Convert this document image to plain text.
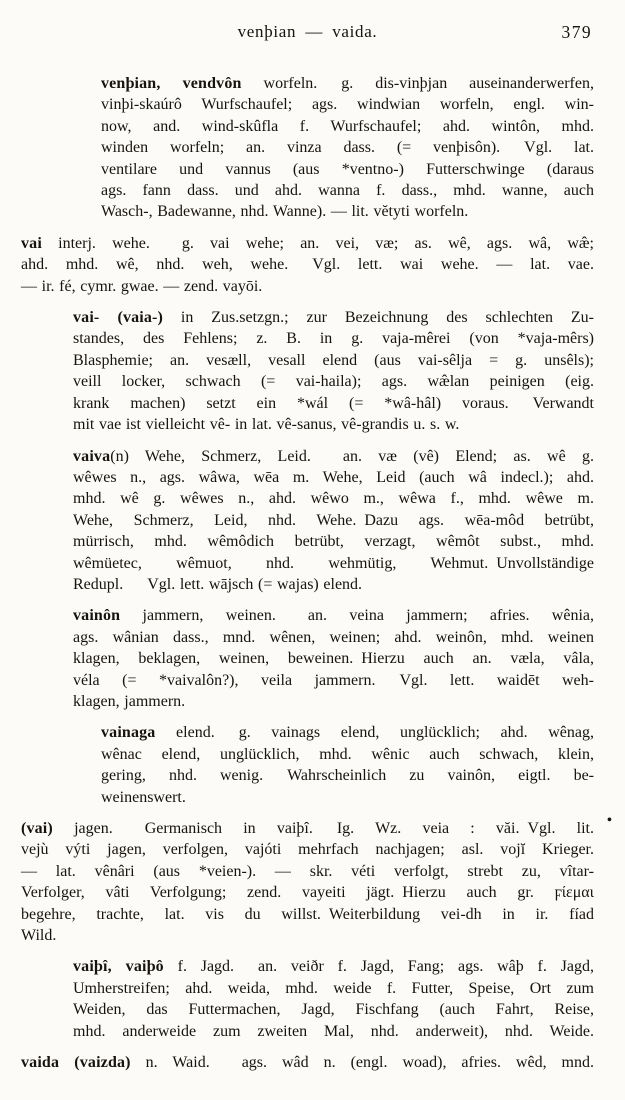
venþian — vaida.	379
venþian, vendvôn worfeln.  g. dis-vinþjan auseinanderwerfen,
vinþi-skaúrô Wurfschaufel; ags. windwian worfeln, engl. win-
now, and. wind-skûfla f. Wurfschaufel; ahd. wintôn, mhd.
winden worfeln; an. vinza dass. (= venþisôn).  Vgl. lat.
ventilare und vannus (aus *ventno-) Futterschwinge (daraus
ags. fann dass. und ahd. wanna f. dass., mhd. wanne, auch
Wasch-, Badewanne, nhd. Wanne). — lit. vĕtyti worfeln.
vai interj. wehe.  g. vai wehe; an. vei, væ; as. wê, ags. wâ, wæ̂;
ahd. mhd. wê, nhd. weh, wehe.  Vgl. lett. wai wehe. — lat. vae.
— ir. fé, cymr. gwae. — zend. vayōi.
vai- (vaia-) in Zus.setzgn.; zur Bezeichnung des schlechten Zu-
standes, des Fehlens; z. B. in g. vaja-mêrei (von *vaja-mêrs)
Blasphemie; an. vesæll, vesall elend (aus vai-sêlja = g. unsêls);
veill locker, schwach (= vai-haila); ags. wæ̂lan peinigen (eig.
krank machen) setzt ein *wál (= *wâ-hâl) voraus.  Verwandt
mit vae ist vielleicht vê- in lat. vê-sanus, vê-grandis u. s. w.
vaiva(n) Wehe, Schmerz, Leid.  an. væ (vê) Elend; as. wê g.
wêwes n., ags. wâwa, wēa m. Wehe, Leid (auch wâ indecl.); ahd.
mhd. wê g. wêwes n., ahd. wêwo m., wêwa f., mhd. wêwe m.
Wehe, Schmerz, Leid, nhd. Wehe. Dazu ags. wēa-môd betrübt,
mürrisch, mhd. wêmôdich betrübt, verzagt, wêmôt subst., mhd.
wêmüetec, wêmuot, nhd. wehmütig, Wehmut. Unvollständige
Redupl.  Vgl. lett. wājsch (= wajas) elend.
vainôn jammern, weinen.  an. veina jammern; afries. wênia,
ags. wânian dass., mnd. wênen, weinen; ahd. weinôn, mhd. weinen
klagen, beklagen, weinen, beweinen. Hierzu auch an. væla, vâla,
véla (= *vaivalôn?), veila jammern.  Vgl. lett. waidēt weh-
klagen, jammern.
vainaga elend.  g. vainags elend, unglücklich; ahd. wênag,
wênac elend, unglücklich, mhd. wênic auch schwach, klein,
gering, nhd. wenig.  Wahrscheinlich zu vainôn, eigtl. be-
weinenswert.
(vai) jagen.  Germanisch in vaiþî.  Ig. Wz. veia : văi. Vgl. lit.
vejù výti jagen, verfolgen, vajóti mehrfach nachjagen; asl. vojĭ Krieger.
— lat. vênâri (aus *veien-). — skr. véti verfolgt, strebt zu, vîtar-
Verfolger, vâti Verfolgung; zend. vayeiti jägt. Hierzu auch gr. ϝίεμαι
begehre, trachte, lat. vis du willst. Weiterbildung vei-dh in ir. fíad
Wild.
vaiþî, vaiþô f. Jagd.  an. veiðr f. Jagd, Fang; ags. wâþ f. Jagd,
Umherstreifen; ahd. weida, mhd. weide f. Futter, Speise, Ort zum
Weiden, das Futtermachen, Jagd, Fischfang (auch Fahrt, Reise,
mhd. anderweide zum zweiten Mal, nhd. anderweit), nhd. Weide.
vaida (vaizda) n. Waid.  ags. wâd n. (engl. woad), afries. wêd, mnd.
•
